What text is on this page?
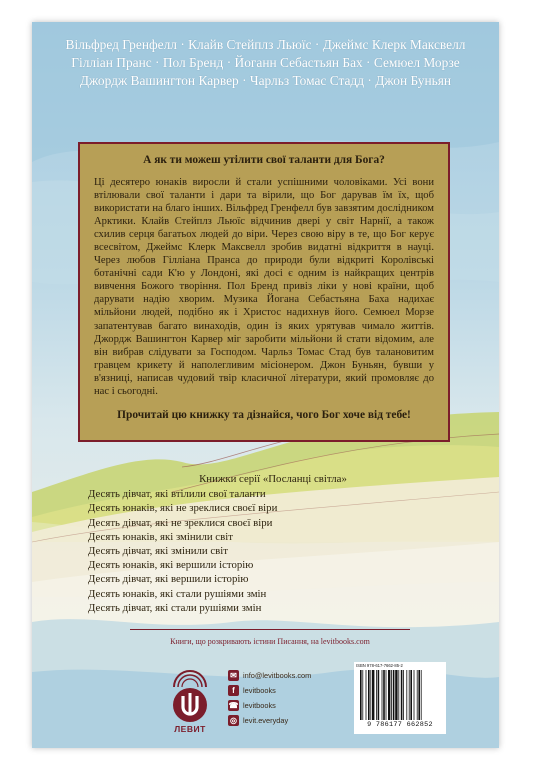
Вільфред Гренфелл · Клайв Стейплз Льюїс · Джеймс Клерк Максвелл
Гілліан Пранс · Пол Бренд · Йоганн Себастьян Бах · Семюел Морзе
Джордж Вашингтон Карвер · Чарльз Томас Стадд · Джон Буньян
А як ти можеш утілити свої таланти для Бога?

Ці десятеро юнаків виросли й стали успішними чоловіками. Усі вони втілювали свої таланти і дари та вірили, що Бог дарував їм їх, щоб використати на благо інших. Вільфред Гренфелл був завзятим дослідником Арктики. Клайв Стейплз Льюїс відчинив двері у світ Нарнії, а також схилив серця багатьох людей до віри. Через свою віру в те, що Бог керує всесвітом, Джеймс Клерк Максвелл зробив видатні відкриття в науці. Через любов Гілліана Пранса до природи були відкриті Королівські ботанічні сади К'ю у Лондоні, які досі є одним із найкращих центрів вивчення Божого творіння. Пол Бренд привіз ліки у нові країни, щоб дарувати надію хворим. Музика Йогана Себастьяна Баха надихає мільйони людей, подібно як і Христос надихнув його. Семюел Морзе запатентував багато винаходів, один із яких урятував чимало життів. Джордж Вашингтон Карвер міг заробити мільйони й стати відомим, але він вибрав слідувати за Господом. Чарльз Томас Стад був талановитим гравцем крикету й наполегливим місіонером. Джон Буньян, бувши у в'язниці, написав чудовий твір класичної літератури, який промовляє до нас і сьогодні.

Прочитай цю книжку та дізнайся, чого Бог хоче від тебе!
Книжки серії «Посланці світла»
Десять дівчат, які втілили свої таланти
Десять юнаків, які не зреклися своєї віри
Десять дівчат, які не зреклися своєї віри
Десять юнаків, які змінили світ
Десять дівчат, які змінили світ
Десять юнаків, які вершили історію
Десять дівчат, які вершили історію
Десять юнаків, які стали рушіями змін
Десять дівчат, які стали рушіями змін
Книги, що розкривають істини Писання, на levitbooks.com
ЛЕВИТ
✉ info@levitbooks.com
f	levitbooks
☎ levitbooks
◎ levit.everyday
ISBN 978-617-7662-85-2
9 786177 662852
